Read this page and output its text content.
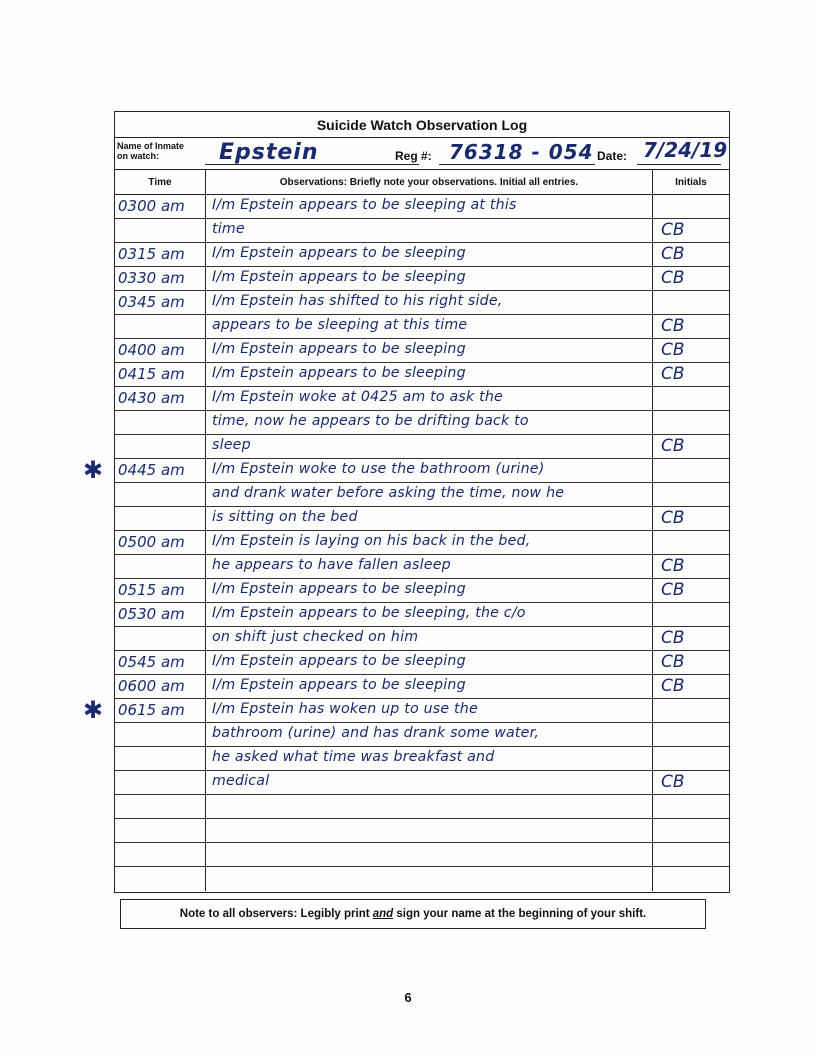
Suicide Watch Observation Log
Name of Inmate
on watch:	Epstein	Reg #: 76318 - 054 Date: 7/24/19
Time	Observations: Briefly note your observations. Initial all entries.	Initials
0300 am	I/m Epstein appears to be sleeping at this
time	CB
0315 am	I/m Epstein appears to be sleeping	CB
0330 am	I/m Epstein appears to be sleeping	CB
0345 am	I/m Epstein has shifted to his right side,
appears to be sleeping at this time	CB
0400 am	I/m Epstein appears to be sleeping	CB
0415 am	I/m Epstein appears to be sleeping	CB
0430 am	I/m Epstein woke at 0425 am to ask the
time, now he appears to be drifting back to
sleep	CB
0445 am	I/m Epstein woke to use the bathroom (urine)
✱
and drank water before asking the time, now he
is sitting on the bed	CB
0500 am	I/m Epstein is laying on his back in the bed,
he appears to have fallen asleep	CB
0515 am	I/m Epstein appears to be sleeping	CB
0530 am	I/m Epstein appears to be sleeping, the c/o
on shift just checked on him	CB
0545 am	I/m Epstein appears to be sleeping	CB
0600 am	I/m Epstein appears to be sleeping	CB
0615 am	I/m Epstein has woken up to use the
✱
bathroom (urine) and has drank some water,
he asked what time was breakfast and
medical	CB
Note to all observers: Legibly print and sign your name at the beginning of your shift.
6
